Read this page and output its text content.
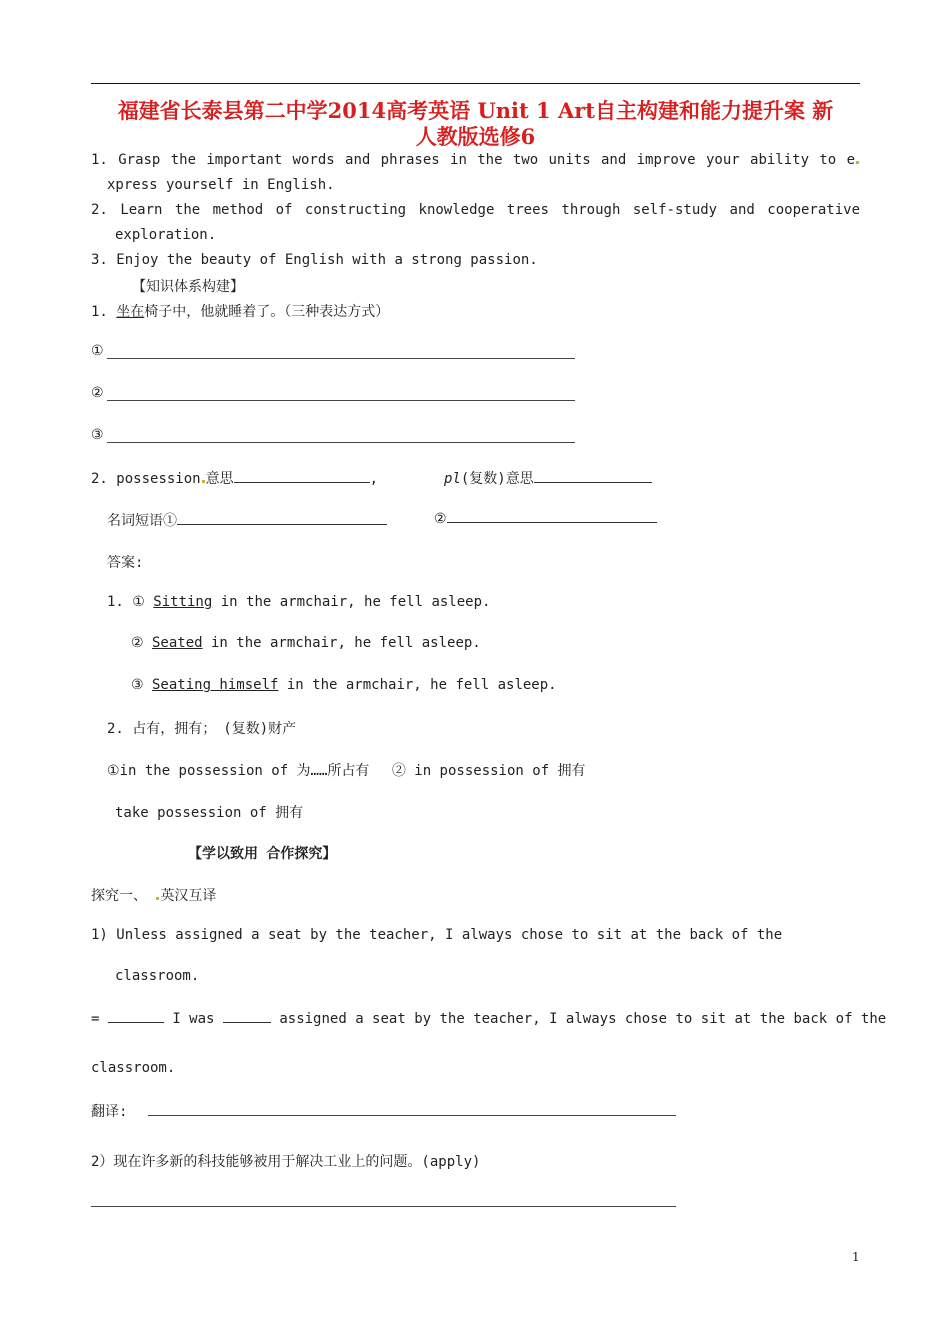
福建省长泰县第二中学2014高考英语 Unit 1 Art自主构建和能力提升案 新
人教版选修6
1. Grasp the important words and phrases in the two units and improve your ability to e
xpress yourself in English.
2. Learn the method of constructing knowledge trees through self-study and cooperative
exploration.
3. Enjoy the beauty of English with a strong passion.
【知识体系构建】
1. 坐在椅子中，他就睡着了。（三种表达方式）
①
②
③
2. possession 意思	,	pl(复数)意思
名词短语①	②
答案:
1. ① Sitting in the armchair, he fell asleep.
② Seated in the armchair, he fell asleep.
③ Seating himself in the armchair, he fell asleep.
2. 占有，拥有；　(复数)财产
①in the possession of 为……所占有　 ② in possession of 拥有
take possession of 拥有
【学以致用 合作探究】
探究一、 英汉互译
1) Unless assigned a seat by the teacher, I always chose to sit at the back of the
classroom.
=	I was	assigned a seat by the teacher, I always chose to sit at the back of the
classroom.
翻译:
2）现在许多新的科技能够被用于解决工业上的问题。(apply)
1
